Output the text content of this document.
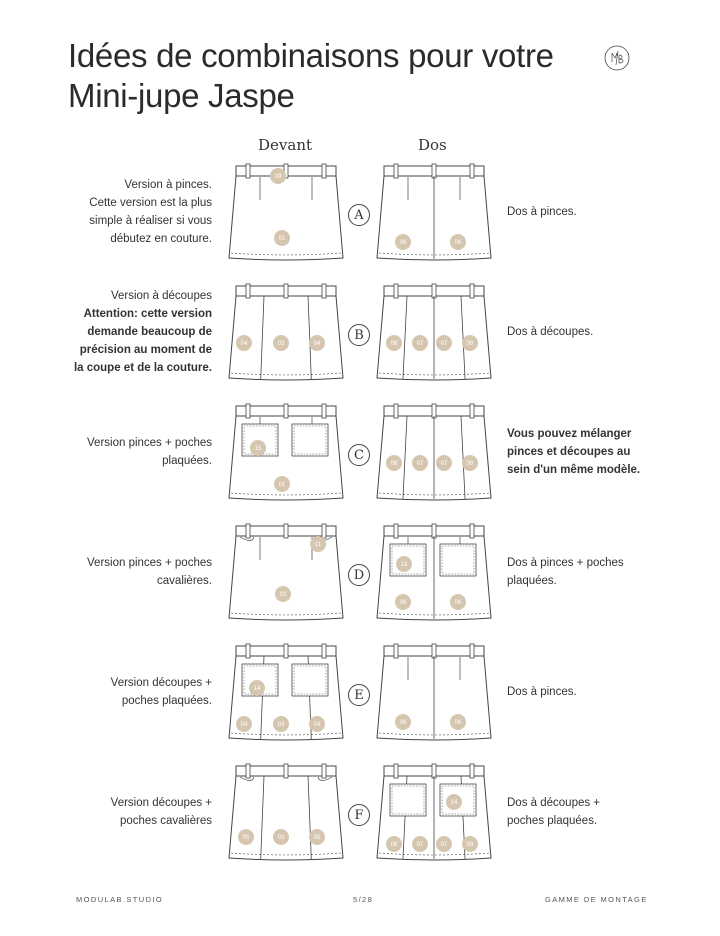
Idées de combinaisons pour votre
Mini-jupe Jaspe
Devant	Dos
Version à pinces.
Cette version est la plus
simple à réaliser si vous
débutez en couture.
09
01
06	06
A	Dos à pinces.
Version à découpes
Attention: cette version
demande beaucoup de
précision au moment de
la coupe et de la couture.
04	03	04	08	07	07	08
B	Dos à découpes.
Version pinces + poches
plaquées.
15
01
08	07	07	08
C
Vous pouvez mélanger
pinces et découpes au
sein d'un même modèle.
Version pinces + poches
cavalières.
11
02
13
06	06
D
Dos à pinces + poches
plaquées.
Version découpes +
poches plaquées.
14
04	03	04	06	06
E	Dos à pinces.
Version découpes +
poches cavalières
05	03	05
14
08	07	07	08
F
Dos à découpes +
poches plaquées.
MODULAB.STUDIO	5/28	GAMME DE MONTAGE
